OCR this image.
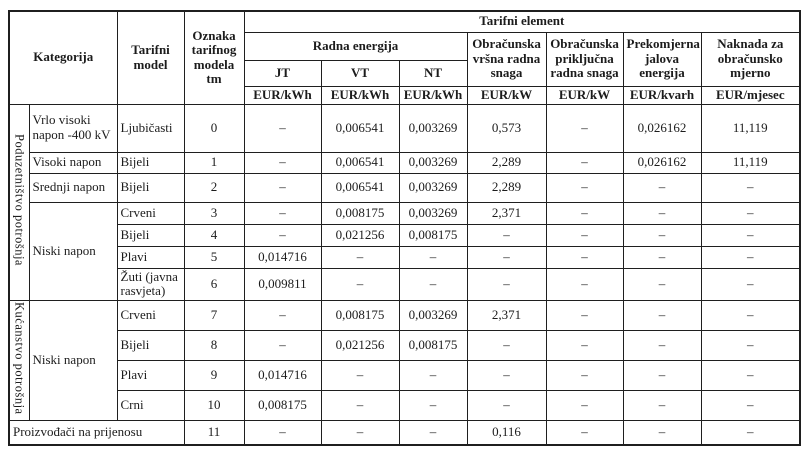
Kategorija		Tarifni model	Oznaka tarifnog modela tm	Tarifni element						
				Radna energija			Obračunska vršna radna snaga	Obračunska priključna radna snaga	Prekomjerna jalova energija	Naknada za obračunsko mjerno
				JT	VT	NT				
				EUR/kWh	EUR/kWh	EUR/kWh	EUR/kW	EUR/kW	EUR/kvarh	EUR/mjesec
Poduzetništvo potrošnja	Vrlo visoki napon -400 kV	Ljubičasti	0	–	0,006541	0,003269	0,573	–	0,026162	11,119
	Visoki napon	Bijeli	1	–	0,006541	0,003269	2,289	–	0,026162	11,119
	Srednji napon	Bijeli	2	–	0,006541	0,003269	2,289	–	–	–
	Niski napon	Crveni	3	–	0,008175	0,003269	2,371	–	–	–
		Bijeli	4	–	0,021256	0,008175	–	–	–	–
		Plavi	5	0,014716	–	–	–	–	–	–
		Žuti (javna rasvjeta)	6	0,009811	–	–	–	–	–	–
Kućanstvo potrošnja	Niski napon	Crveni	7	–	0,008175	0,003269	2,371	–	–	–
		Bijeli	8	–	0,021256	0,008175	–	–	–	–
		Plavi	9	0,014716	–	–	–	–	–	–
		Crni	10	0,008175	–	–	–	–	–	–
Proizvođači na prijenosu			11	–	–	–	0,116	–	–	–
